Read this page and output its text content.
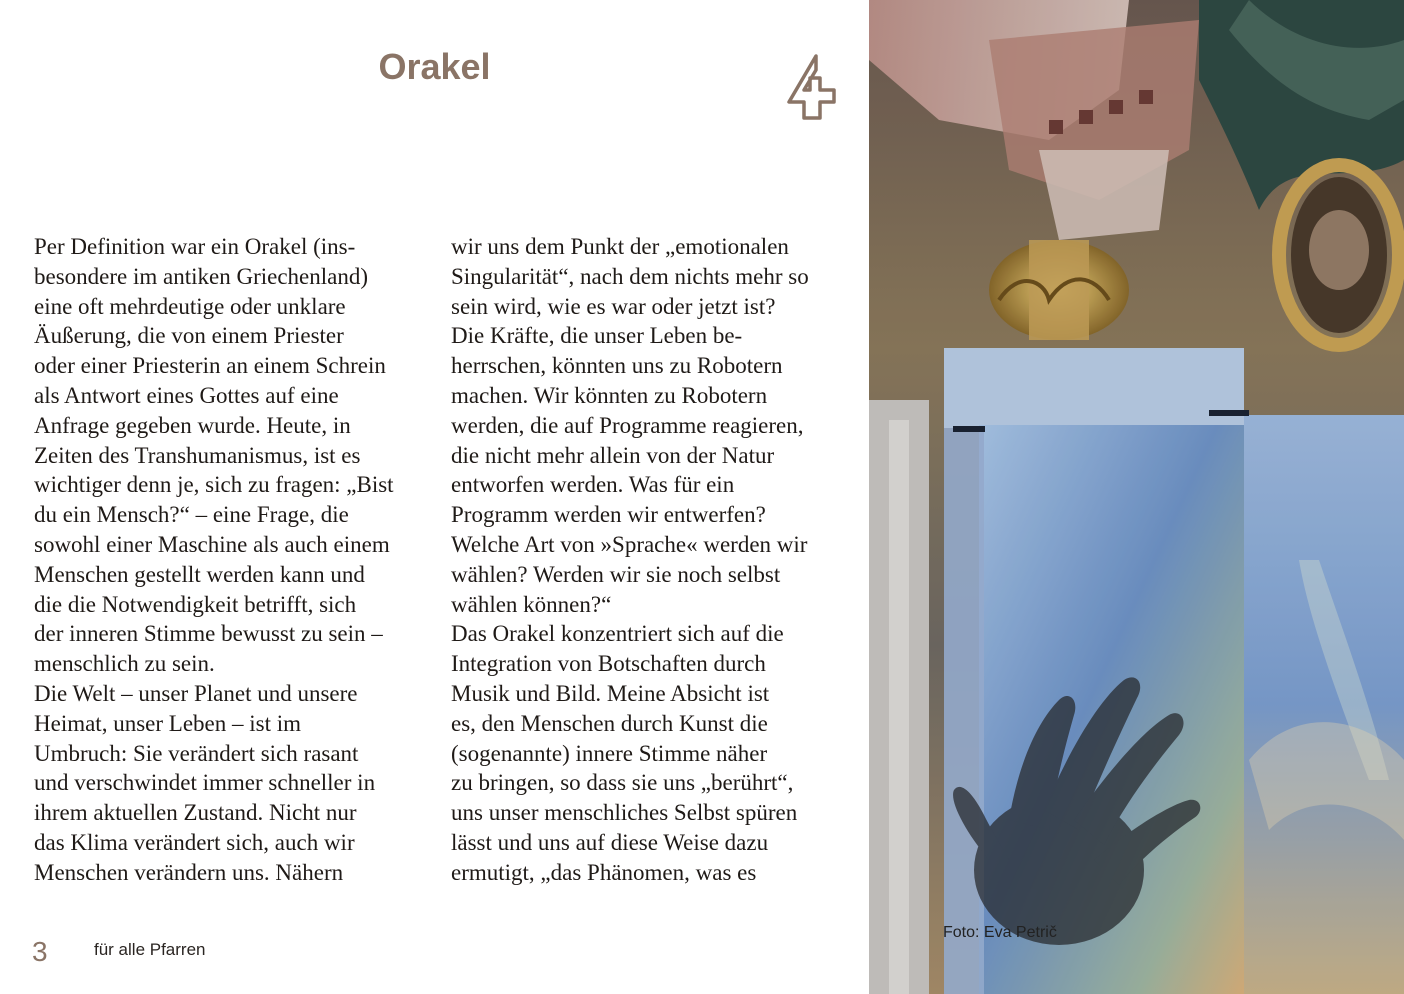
Orakel

Per Definition war ein Orakel (ins-
besondere im antiken Griechenland)
eine oft mehrdeutige oder unklare
Äußerung, die von einem Priester
oder einer Priesterin an einem Schrein
als Antwort eines Gottes auf eine
Anfrage gegeben wurde. Heute, in
Zeiten des Transhumanismus, ist es
wichtiger denn je, sich zu fragen: „Bist
du ein Mensch?“ – eine Frage, die
sowohl einer Maschine als auch einem
Menschen gestellt werden kann und
die die Notwendigkeit betrifft, sich
der inneren Stimme bewusst zu sein –
menschlich zu sein.

Die Welt – unser Planet und unsere
Heimat, unser Leben – ist im
Umbruch: Sie verändert sich rasant
und verschwindet immer schneller in
ihrem aktuellen Zustand. Nicht nur
das Klima verändert sich, auch wir
Menschen verändern uns. Nähern

wir uns dem Punkt der „emotionalen
Singularität“, nach dem nichts mehr so
sein wird, wie es war oder jetzt ist?
Die Kräfte, die unser Leben be-
herrschen, könnten uns zu Robotern
machen. Wir könnten zu Robotern
werden, die auf Programme reagieren,
die nicht mehr allein von der Natur
entworfen werden. Was für ein
Programm werden wir entwerfen?
Welche Art von »Sprache« werden wir
wählen? Werden wir sie noch selbst
wählen können?“

Das Orakel konzentriert sich auf die
Integration von Botschaften durch
Musik und Bild. Meine Absicht ist
es, den Menschen durch Kunst die
(sogenannte) innere Stimme näher
zu bringen, so dass sie uns „berührt“,
uns unser menschliches Selbst spüren
lässt und uns auf diese Weise dazu
ermutigt, „das Phänomen, was es

3	für alle Pfarren
Foto: Eva Petrič
